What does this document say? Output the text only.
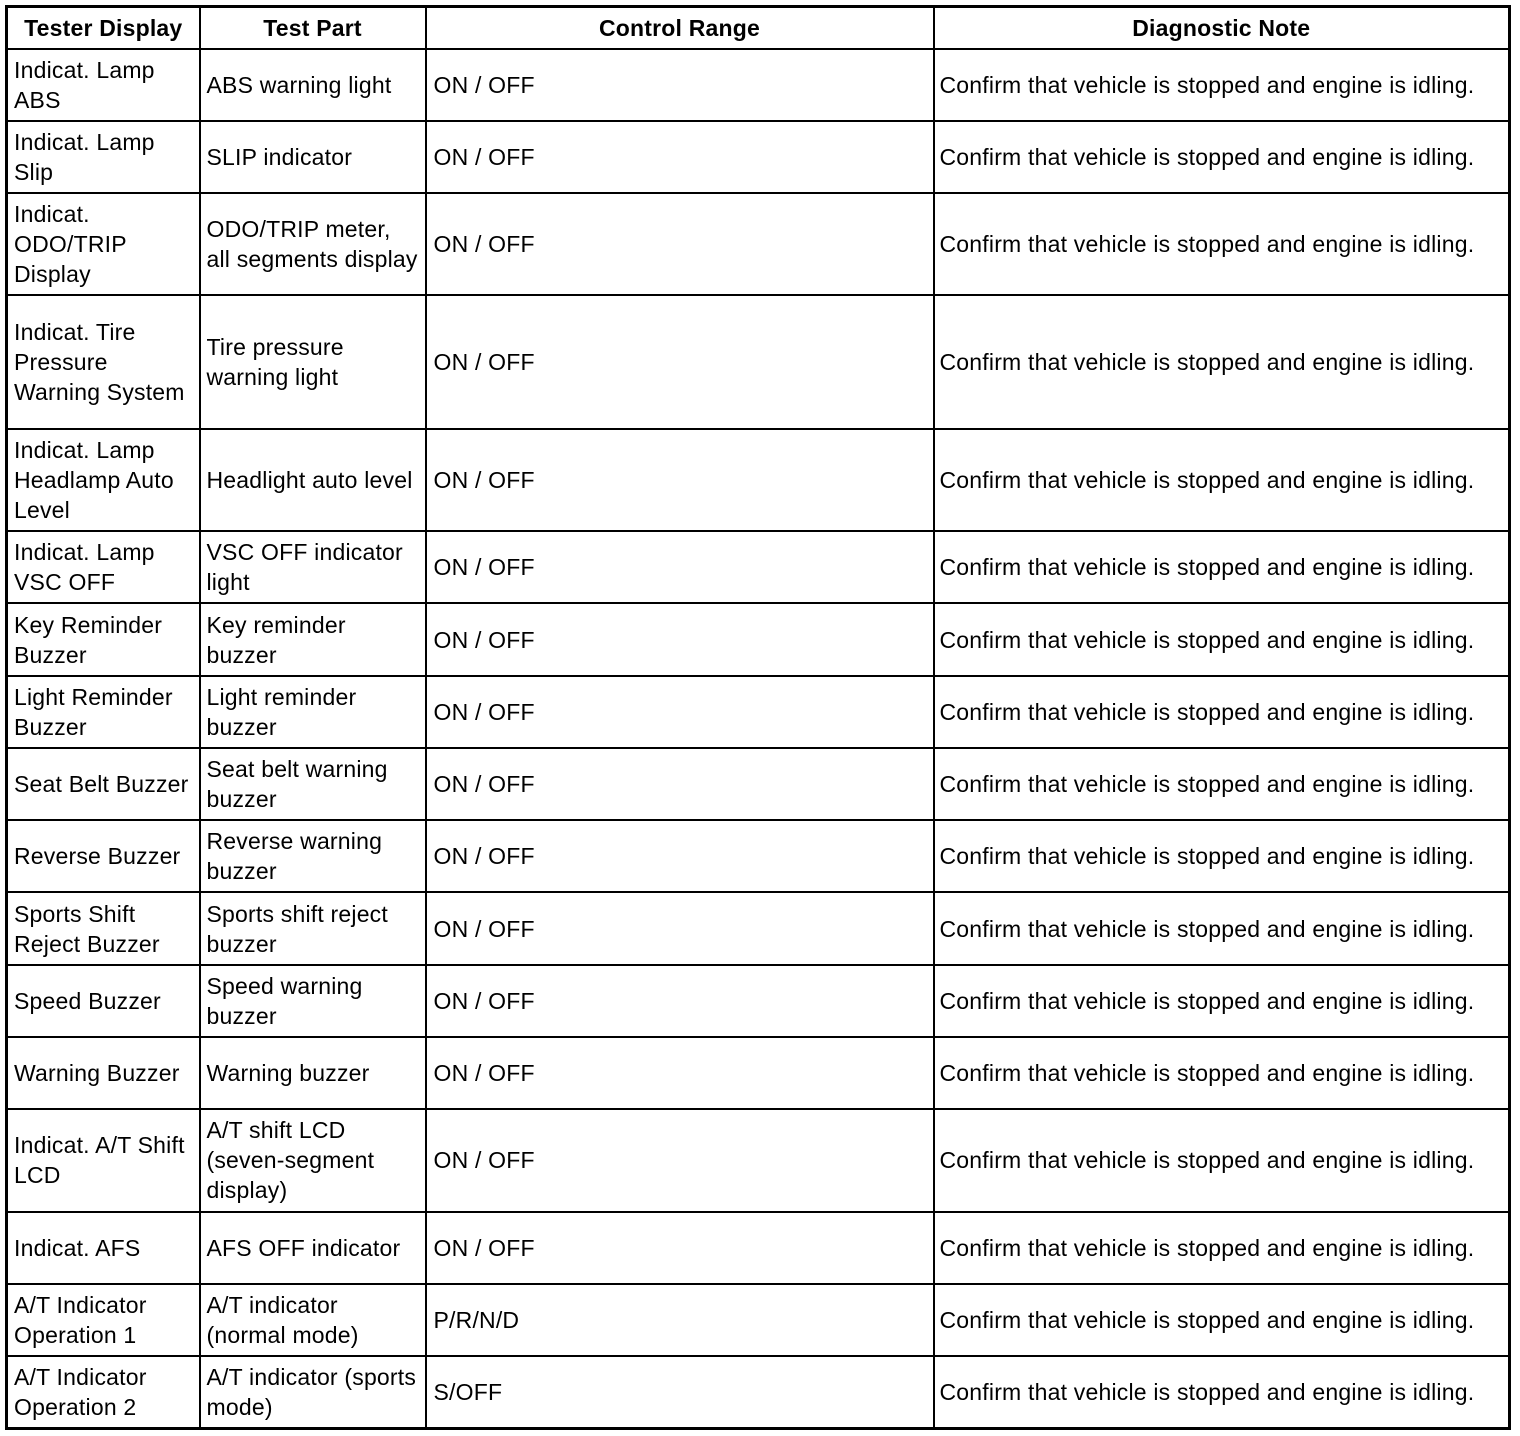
Tester Display	Test Part	Control Range	Diagnostic Note
Indicat. Lamp ABS	ABS warning light	ON / OFF	Confirm that vehicle is stopped and engine is idling.
Indicat. Lamp Slip	SLIP indicator	ON / OFF	Confirm that vehicle is stopped and engine is idling.
Indicat. ODO/TRIP Display	ODO/TRIP meter, all segments display	ON / OFF	Confirm that vehicle is stopped and engine is idling.
Indicat. Tire Pressure Warning System	Tire pressure warning light	ON / OFF	Confirm that vehicle is stopped and engine is idling.
Indicat. Lamp Headlamp Auto Level	Headlight auto level	ON / OFF	Confirm that vehicle is stopped and engine is idling.
Indicat. Lamp VSC OFF	VSC OFF indicator light	ON / OFF	Confirm that vehicle is stopped and engine is idling.
Key Reminder Buzzer	Key reminder buzzer	ON / OFF	Confirm that vehicle is stopped and engine is idling.
Light Reminder Buzzer	Light reminder buzzer	ON / OFF	Confirm that vehicle is stopped and engine is idling.
Seat Belt Buzzer	Seat belt warning buzzer	ON / OFF	Confirm that vehicle is stopped and engine is idling.
Reverse Buzzer	Reverse warning buzzer	ON / OFF	Confirm that vehicle is stopped and engine is idling.
Sports Shift Reject Buzzer	Sports shift reject buzzer	ON / OFF	Confirm that vehicle is stopped and engine is idling.
Speed Buzzer	Speed warning buzzer	ON / OFF	Confirm that vehicle is stopped and engine is idling.
Warning Buzzer	Warning buzzer	ON / OFF	Confirm that vehicle is stopped and engine is idling.
Indicat. A/T Shift LCD	A/T shift LCD (seven-segment display)	ON / OFF	Confirm that vehicle is stopped and engine is idling.
Indicat. AFS	AFS OFF indicator	ON / OFF	Confirm that vehicle is stopped and engine is idling.
A/T Indicator Operation 1	A/T indicator (normal mode)	P/R/N/D	Confirm that vehicle is stopped and engine is idling.
A/T Indicator Operation 2	A/T indicator (sports mode)	S/OFF	Confirm that vehicle is stopped and engine is idling.
